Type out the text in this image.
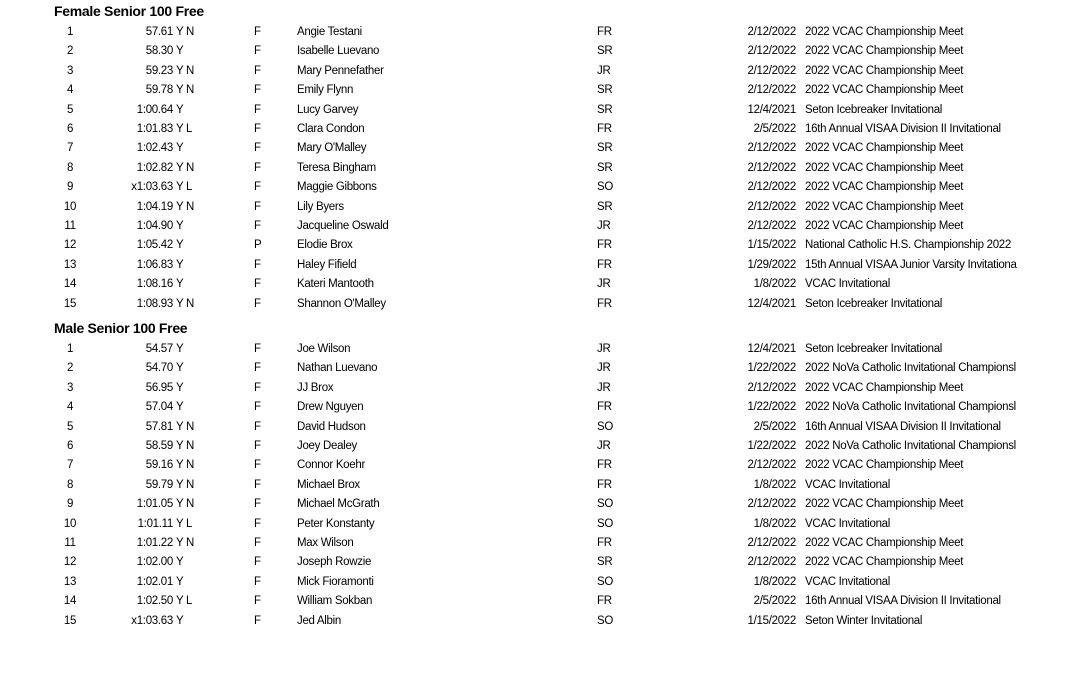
Female Senior 100 Free
1	57.61 Y N	F	Angie Testani	FR	2/12/2022 2022 VCAC Championship Meet
2	58.30 Y	F	Isabelle Luevano	SR	2/12/2022 2022 VCAC Championship Meet
3	59.23 Y N	F	Mary Pennefather	JR	2/12/2022 2022 VCAC Championship Meet
4	59.78 Y N	F	Emily Flynn	SR	2/12/2022 2022 VCAC Championship Meet
5	1:00.64 Y	F	Lucy Garvey	SR	12/4/2021 Seton Icebreaker Invitational
6	1:01.83 Y L	F	Clara Condon	FR	2/5/2022 16th Annual VISAA Division II Invitational
7	1:02.43 Y	F	Mary O'Malley	SR	2/12/2022 2022 VCAC Championship Meet
8	1:02.82 Y N	F	Teresa Bingham	SR	2/12/2022 2022 VCAC Championship Meet
9	x1:03.63 Y L	F	Maggie Gibbons	SO	2/12/2022 2022 VCAC Championship Meet
10	1:04.19 Y N	F	Lily Byers	SR	2/12/2022 2022 VCAC Championship Meet
11	1:04.90 Y	F	Jacqueline Oswald	JR	2/12/2022 2022 VCAC Championship Meet
12	1:05.42 Y	P	Elodie Brox	FR	1/15/2022 National Catholic H.S. Championship 2022
13	1:06.83 Y	F	Haley Fifield	FR	1/29/2022 15th Annual VISAA Junior Varsity Invitationa
14	1:08.16 Y	F	Kateri Mantooth	JR	1/8/2022 VCAC Invitational
15	1:08.93 Y N	F	Shannon O'Malley	FR	12/4/2021 Seton Icebreaker Invitational
Male Senior 100 Free
1	54.57 Y	F	Joe Wilson	JR	12/4/2021 Seton Icebreaker Invitational
2	54.70 Y	F	Nathan Luevano	JR	1/22/2022 2022 NoVa Catholic Invitational Championsl
3	56.95 Y	F	JJ Brox	JR	2/12/2022 2022 VCAC Championship Meet
4	57.04 Y	F	Drew Nguyen	FR	1/22/2022 2022 NoVa Catholic Invitational Championsl
5	57.81 Y N	F	David Hudson	SO	2/5/2022 16th Annual VISAA Division II Invitational
6	58.59 Y N	F	Joey Dealey	JR	1/22/2022 2022 NoVa Catholic Invitational Championsl
7	59.16 Y N	F	Connor Koehr	FR	2/12/2022 2022 VCAC Championship Meet
8	59.79 Y N	F	Michael Brox	FR	1/8/2022 VCAC Invitational
9	1:01.05 Y N	F	Michael McGrath	SO	2/12/2022 2022 VCAC Championship Meet
10	1:01.11 Y L	F	Peter Konstanty	SO	1/8/2022 VCAC Invitational
11	1:01.22 Y N	F	Max Wilson	FR	2/12/2022 2022 VCAC Championship Meet
12	1:02.00 Y	F	Joseph Rowzie	SR	2/12/2022 2022 VCAC Championship Meet
13	1:02.01 Y	F	Mick Fioramonti	SO	1/8/2022 VCAC Invitational
14	1:02.50 Y L	F	William Sokban	FR	2/5/2022 16th Annual VISAA Division II Invitational
15	x1:03.63 Y	F	Jed Albin	SO	1/15/2022 Seton Winter Invitational
